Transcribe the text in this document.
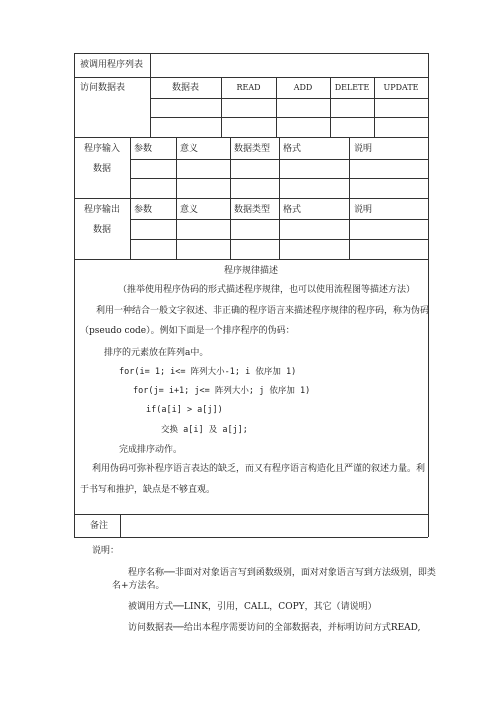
被调用程序列表
访问数据表	数据表	READ	ADD	DELETE	UPDATE
程序输入
数据
参数	意义	数据类型 格式	说明
程序输出
数据
参数	意义	数据类型 格式	说明
程序规律描述
（推举使用程序伪码的形式描述程序规律，也可以使用流程图等描述方法）
利用一种结合一般文字叙述、非正确的程序语言来描述程序规律的程序码，称为伪码
（pseudo code）。例如下面是一个排序程序的伪码：
排序的元素放在阵列a中。
for(i= 1; i<= 阵列大小-1; i 依序加 1)
for(j= i+1; j<= 阵列大小; j 依序加 1)
if(a[i] > a[j])
交换 a[i] 及 a[j];
完成排序动作。
利用伪码可弥补程序语言表达的缺乏，而又有程序语言构造化且严谨的叙述力量。利
于书写和推护，缺点是不够直观。
备注
说明：
程序名称──非面对对象语言写到函数级别，面对对象语言写到方法级别，即类
名+方法名。
被调用方式──LINK，引用，CALL，COPY，其它（请说明）
访问数据表──给出本程序需要访问的全部数据表，并标明访问方式READ,
